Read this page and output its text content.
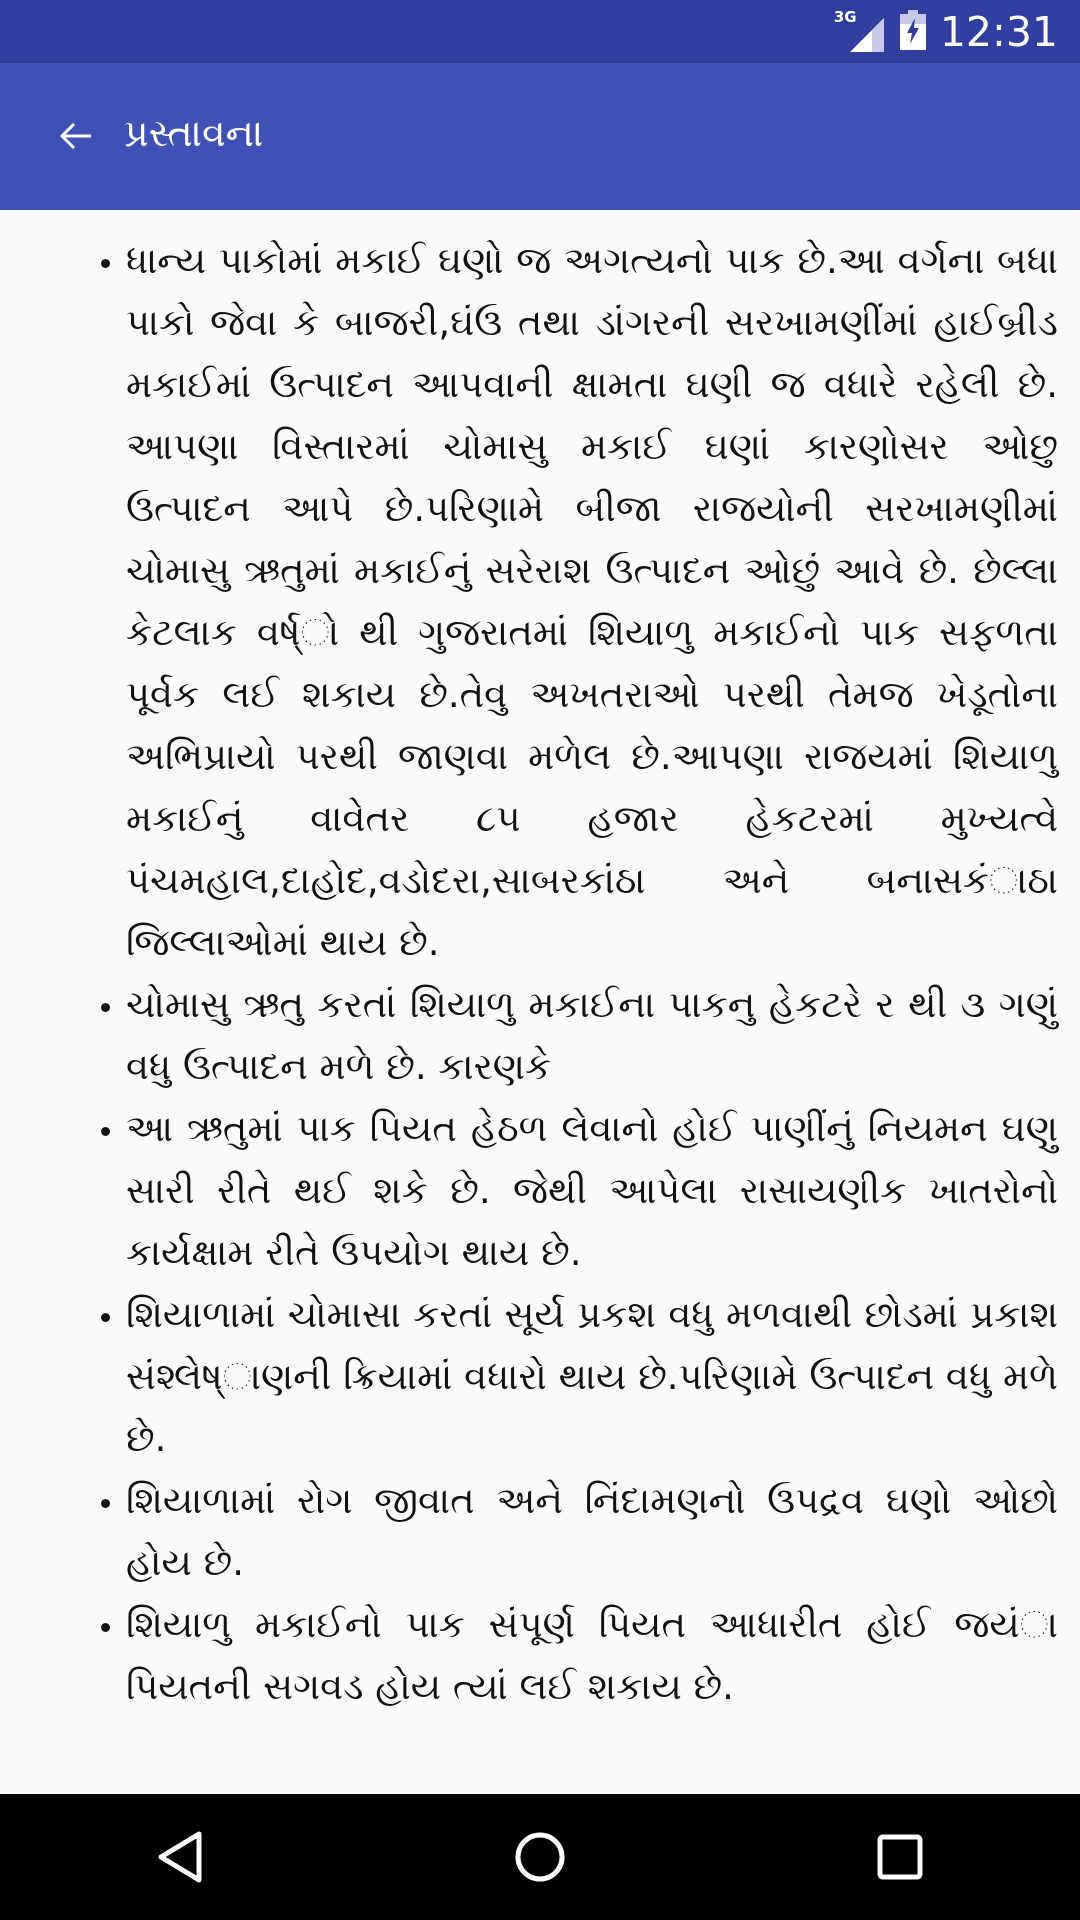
3G 12:31
પ્રસ્તાવના
• ધાન્ય પાકોમાં મકાઈ ઘણો જ અગત્યનો પાક છે.આ વર્ગના બધા પાકો જેવા કે બાજરી,ઘંઉ તથા ડાંગરની સરખામણીંમાં હાઈબ્રીડ મકાઈમાં ઉત્પાદન આપવાની ક્ષામતા ઘણી જ વધારે રહેલી છે. આપણા વિસ્તારમાં ચોમાસુ મકાઈ ઘણાં કારણોસર ઓછુ ઉત્પાદન આપે છે.પરિણામે બીજા રાજયોની સરખામણીમાં ચોમાસુ ઋતુમાં મકાઈનું સરેરાશ ઉત્પાદન ઓછું આવે છે. છેલ્લા કેટલાક વર્ષ્ો થી ગુજરાતમાં શિયાળુ મકાઈનો પાક સફળતા પૂર્વક લઈ શકાય છે.તેવુ અખતરાઓ પરથી તેમજ ખેડૂતોના અભિપ્રાયો પરથી જાણવા મળેલ છે.આપણા રાજયમાં શિયાળુ મકાઈનું વાવેતર ૮૫ હજાર હેકટરમાં મુખ્યત્વે પંચમહાલ,દાહોદ,વડોદરા,સાબરકાંઠા અને બનાસકંાઠા જિલ્લાઓમાં થાય છે.
• ચોમાસુ ઋતુ કરતાં શિયાળુ મકાઈના પાકનુ હેકટરે ર થી ૩ ગણું વધુ ઉત્પાદન મળે છે. કારણકે
• આ ઋતુમાં પાક પિયત હેઠળ લેવાનો હોઈ પાણીંનું નિયમન ઘણુ સારી રીતે થઈ શકે છે. જેથી આપેલા રાસાયણીક ખાતરોનો કાર્યક્ષામ રીતે ઉપયોગ થાય છે.
• શિયાળામાં ચોમાસા કરતાં સૂર્ય પ્રકશ વધુ મળવાથી છોડમાં પ્રકાશ સંશ્લેષ્ાણની ક્રિયામાં વધારો થાય છે.પરિણામે ઉત્પાદન વધુ મળે છે.
• શિયાળામાં રોગ જીવાત અને નિંદામણનો ઉપદ્રવ ઘણો ઓછો હોય છે.
• શિયાળુ મકાઈનો પાક સંપૂર્ણ પિયત આધારીત હોઈ જયંા પિયતની સગવડ હોય ત્યાં લઈ શકાય છે.
